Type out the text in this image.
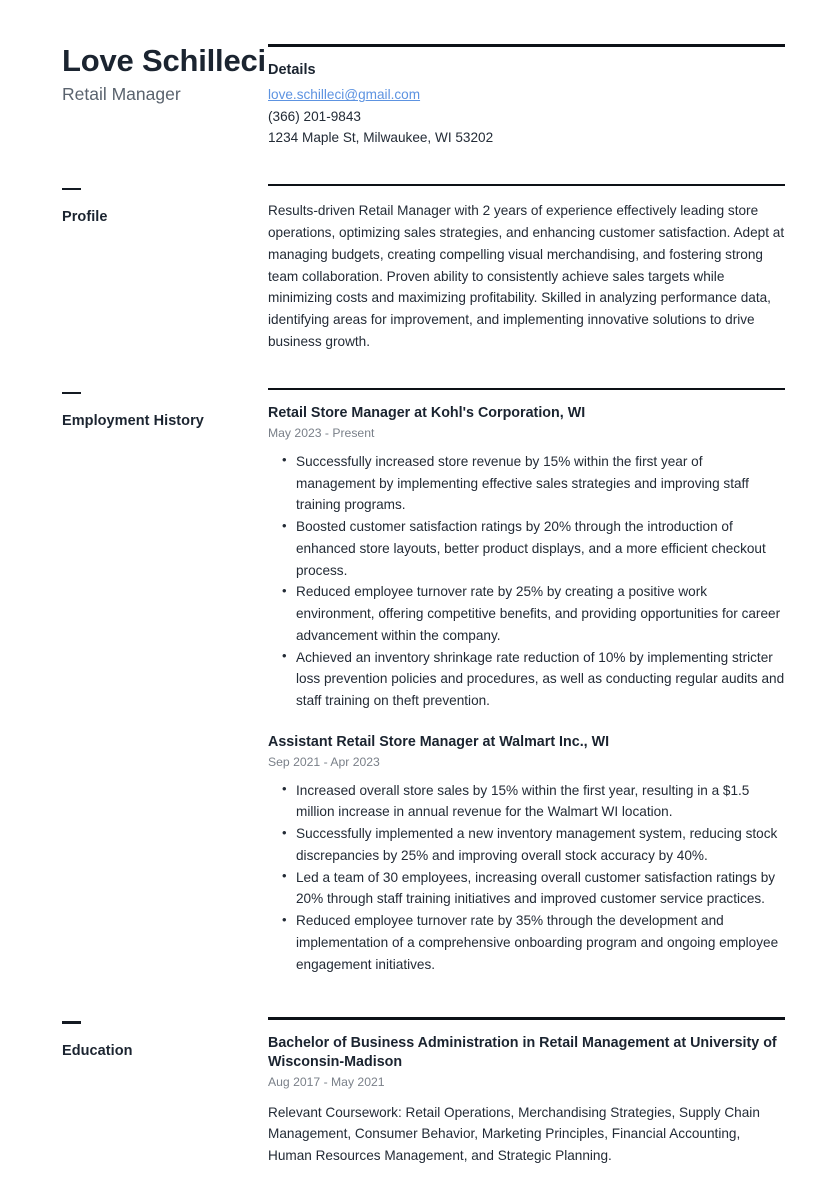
Love Schilleci
Retail Manager
Details
love.schilleci@gmail.com
(366) 201-9843
1234 Maple St, Milwaukee, WI 53202
Profile	Results-driven Retail Manager with 2 years of experience effectively leading store operations, optimizing sales strategies, and enhancing customer satisfaction. Adept at managing budgets, creating compelling visual merchandising, and fostering strong team collaboration. Proven ability to consistently achieve sales targets while minimizing costs and maximizing profitability. Skilled in analyzing performance data, identifying areas for improvement, and implementing innovative solutions to drive business growth.

Employment History	Retail Store Manager at Kohl's Corporation, WI
May 2023 - Present
• Successfully increased store revenue by 15% within the first year of management by implementing effective sales strategies and improving staff training programs.
• Boosted customer satisfaction ratings by 20% through the introduction of enhanced store layouts, better product displays, and a more efficient checkout process.
• Reduced employee turnover rate by 25% by creating a positive work environment, offering competitive benefits, and providing opportunities for career advancement within the company.
• Achieved an inventory shrinkage rate reduction of 10% by implementing stricter loss prevention policies and procedures, as well as conducting regular audits and staff training on theft prevention.
Assistant Retail Store Manager at Walmart Inc., WI
Sep 2021 - Apr 2023
• Increased overall store sales by 15% within the first year, resulting in a $1.5 million increase in annual revenue for the Walmart WI location.
• Successfully implemented a new inventory management system, reducing stock discrepancies by 25% and improving overall stock accuracy by 40%.
• Led a team of 30 employees, increasing overall customer satisfaction ratings by 20% through staff training initiatives and improved customer service practices.
• Reduced employee turnover rate by 35% through the development and implementation of a comprehensive onboarding program and ongoing employee engagement initiatives.
Education	Bachelor of Business Administration in Retail Management at University of Wisconsin-Madison
Aug 2017 - May 2021

Relevant Coursework: Retail Operations, Merchandising Strategies, Supply Chain Management, Consumer Behavior, Marketing Principles, Financial Accounting, Human Resources Management, and Strategic Planning.
